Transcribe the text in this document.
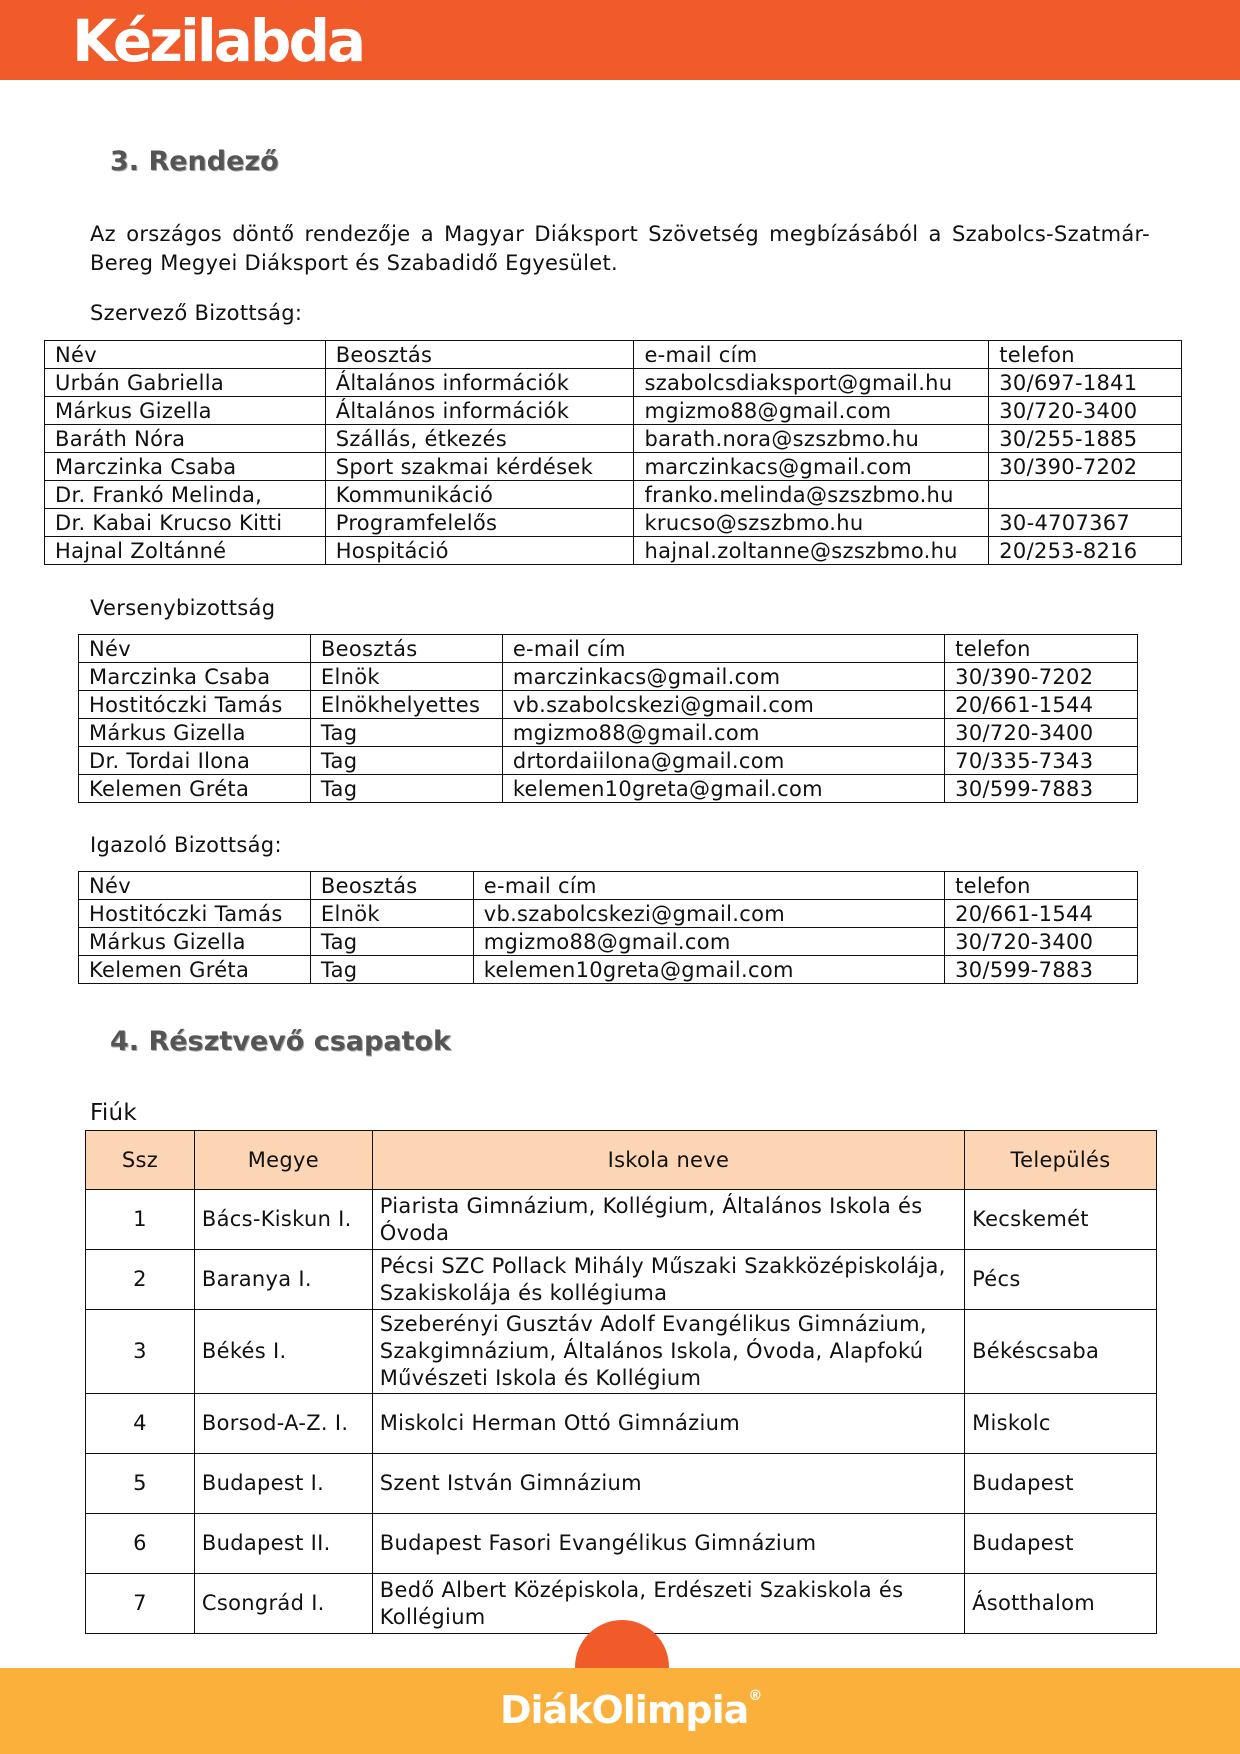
Kézilabda
3. Rendező
Az országos döntő rendezője a Magyar Diáksport Szövetség megbízásából a Szabolcs-Szatmár-Bereg Megyei Diáksport és Szabadidő Egyesület.
Szervező Bizottság:
Név	Beosztás	e-mail cím	telefon
Urbán Gabriella	Általános információk	szabolcsdiaksport@gmail.hu	30/697-1841
Márkus Gizella	Általános információk	mgizmo88@gmail.com	30/720-3400
Baráth Nóra	Szállás, étkezés	barath.nora@szszbmo.hu	30/255-1885
Marczinka Csaba	Sport szakmai kérdések	marczinkacs@gmail.com	30/390-7202
Dr. Frankó Melinda,	Kommunikáció	franko.melinda@szszbmo.hu	
Dr. Kabai Krucso Kitti	Programfelelős	krucso@szszbmo.hu	30-4707367
Hajnal Zoltánné	Hospitáció	hajnal.zoltanne@szszbmo.hu	20/253-8216
Versenybizottság
Név	Beosztás	e-mail cím	telefon
Marczinka Csaba	Elnök	marczinkacs@gmail.com	30/390-7202
Hostitóczki Tamás	Elnökhelyettes	vb.szabolcskezi@gmail.com	20/661-1544
Márkus Gizella	Tag	mgizmo88@gmail.com	30/720-3400
Dr. Tordai Ilona	Tag	drtordaiilona@gmail.com	70/335-7343
Kelemen Gréta	Tag	kelemen10greta@gmail.com	30/599-7883
Igazoló Bizottság:
Név	Beosztás	e-mail cím	telefon
Hostitóczki Tamás	Elnök	vb.szabolcskezi@gmail.com	20/661-1544
Márkus Gizella	Tag	mgizmo88@gmail.com	30/720-3400
Kelemen Gréta	Tag	kelemen10greta@gmail.com	30/599-7883
4. Résztvevő csapatok
Fiúk
Ssz	Megye	Iskola neve	Település
1	Bács-Kiskun I.	Piarista Gimnázium, Kollégium, Általános Iskola és Óvoda	Kecskemét
2	Baranya I.	Pécsi SZC Pollack Mihály Műszaki Szakközépiskolája, Szakiskolája és kollégiuma	Pécs
3	Békés I.	Szeberényi Gusztáv Adolf Evangélikus Gimnázium, Szakgimnázium, Általános Iskola, Óvoda, Alapfokú Művészeti Iskola és Kollégium	Békéscsaba
4	Borsod-A-Z. I.	Miskolci Herman Ottó Gimnázium	Miskolc
5	Budapest I.	Szent István Gimnázium	Budapest
6	Budapest II.	Budapest Fasori Evangélikus Gimnázium	Budapest
7	Csongrád I.	Bedő Albert Középiskola, Erdészeti Szakiskola és Kollégium	Ásotthalom
DiákOlimpia®
